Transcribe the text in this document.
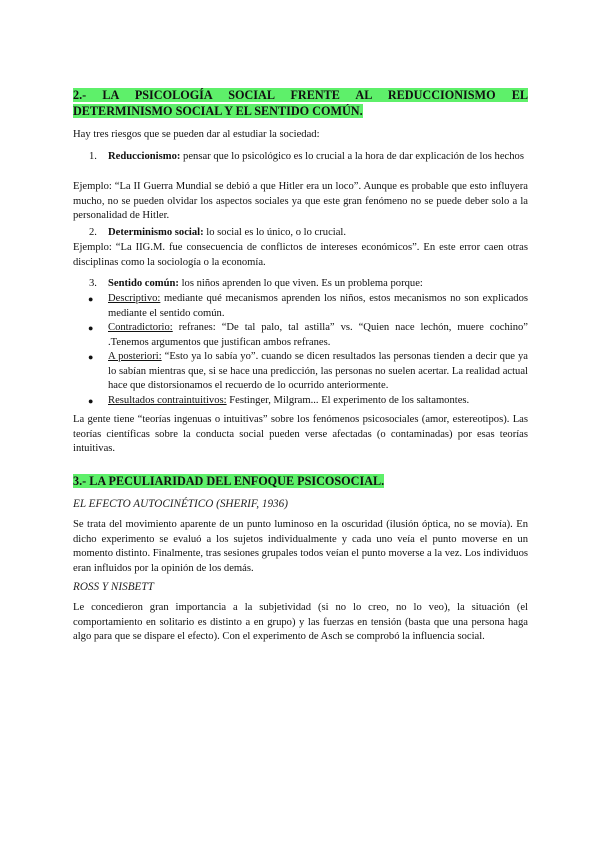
2.- LA PSICOLOGÍA SOCIAL FRENTE AL REDUCCIONISMO EL DETERMINISMO SOCIAL Y EL SENTIDO COMÚN.
Hay tres riesgos que se pueden dar al estudiar la sociedad:
1. Reduccionismo: pensar que lo psicológico es lo crucial a la hora de dar explicación de los hechos
Ejemplo: “La II Guerra Mundial se debió a que Hitler era un loco”. Aunque es probable que esto influyera mucho, no se pueden olvidar los aspectos sociales ya que este gran fenómeno no se puede deber solo a la personalidad de Hitler.
2. Determinismo social: lo social es lo único, o lo crucial.
Ejemplo: “La IIG.M. fue consecuencia de conflictos de intereses económicos”. En este error caen otras disciplinas como la sociología o la economía.
3. Sentido común: los niños aprenden lo que viven. Es un problema porque:
● Descriptivo: mediante qué mecanismos aprenden los niños, estos mecanismos no son explicados mediante el sentido común.
● Contradictorio: refranes: “De tal palo, tal astilla” vs. “Quien nace lechón, muere cochino” .Tenemos argumentos que justifican ambos refranes.
● A posteriori: “Esto ya lo sabía yo”. cuando se dicen resultados las personas tienden a decir que ya lo sabían mientras que, si se hace una predicción, las personas no suelen acertar. La realidad actual hace que distorsionamos el recuerdo de lo ocurrido anteriormente.
● Resultados contraintuitivos: Festinger, Milgram... El experimento de los saltamontes.
La gente tiene “teorías ingenuas o intuitivas” sobre los fenómenos psicosociales (amor, estereotipos). Las teorías científicas sobre la conducta social pueden verse afectadas (o contaminadas) por esas teorías intuitivas.
3.- LA PECULIARIDAD DEL ENFOQUE PSICOSOCIAL.
EL EFECTO AUTOCINÉTICO (SHERIF, 1936)
Se trata del movimiento aparente de un punto luminoso en la oscuridad (ilusión óptica, no se movía). En dicho experimento se evaluó a los sujetos individualmente y cada uno veía el punto moverse en un momento distinto. Finalmente, tras sesiones grupales todos veían el punto moverse a la vez. Los individuos eran influidos por la opinión de los demás.
ROSS Y NISBETT
Le concedieron gran importancia a la subjetividad (si no lo creo, no lo veo), la situación (el comportamiento en solitario es distinto a en grupo) y las fuerzas en tensión (basta que una persona haga algo para que se dispare el efecto). Con el experimento de Asch se comprobó la influencia social.
